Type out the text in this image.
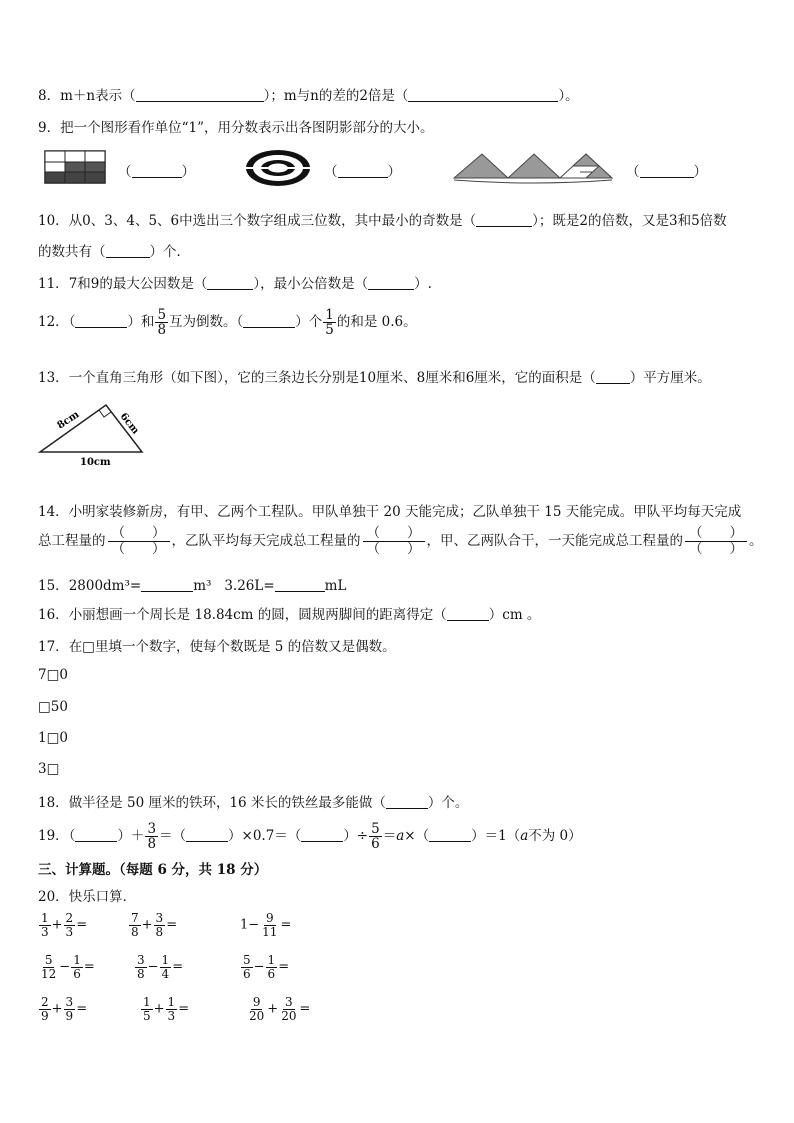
8．m＋n表示（	）；m与n的差的2倍是（	）。
9．把一个图形看作单位“1”，用分数表示出各图阴影部分的大小。
（	）	（	）	（	）
10．从0、3、4、5、6中选出三个数字组成三位数，其中最小的奇数是（	）；既是2的倍数，又是3和5倍数
的数共有（	）个．
11．7和9的最大公因数是（	），最小公倍数是（	）.
12．（	）和 $\frac{5}{8}$ 互为倒数。（	）个 $\frac{1}{5}$ 的和是 0.6。
13．一个直角三角形（如下图），它的三条边长分别是10厘米、8厘米和6厘米，它的面积是（	）平方厘米。
8cm	6cm
10cm
14．小明家装修新房，有甲、乙两个工程队。甲队单独干 20 天能完成；乙队单独干 15 天能完成。甲队平均每天完成
总工程量的 $\frac{( )}{( )}$ ，乙队平均每天完成总工程量的 $\frac{( )}{( )}$ ，甲、乙两队合干，一天能完成总工程量的 $\frac{( )}{( )}$ 。
15．2800dm³=	m³ 3.26L=	mL
16．小丽想画一个周长是 18.84cm 的圆，圆规两脚间的距离得定（	）cm 。
17．在□里填一个数字，使每个数既是 5 的倍数又是偶数。
7□0
□50
1□0
3□
18．做半径是 50 厘米的铁环，16 米长的铁丝最多能做（	）个。
19．（	）＋ $\frac{3}{8}$ ＝（	）×0.7＝（	）÷ $\frac{5}{6} =a\times$（	）＝1（a不为 0）
三、计算题。（每题 6 分，共 18 分）
20．快乐口算．
$\frac{1}{3} + \frac{2}{3}$ =	$\frac{7}{8} + \frac{3}{8}$ =	$1- \frac{9}{11}$ =
$\frac{5}{12} - \frac{1}{6}$ =	$\frac{3}{8} - \frac{1}{4}$ =	$\frac{5}{6} - \frac{1}{6}$ =
$\frac{2}{9} + \frac{3}{9}$ =	$\frac{1}{5} + \frac{1}{3}$ =	$\frac{9}{20} + \frac{3}{20}$ =
